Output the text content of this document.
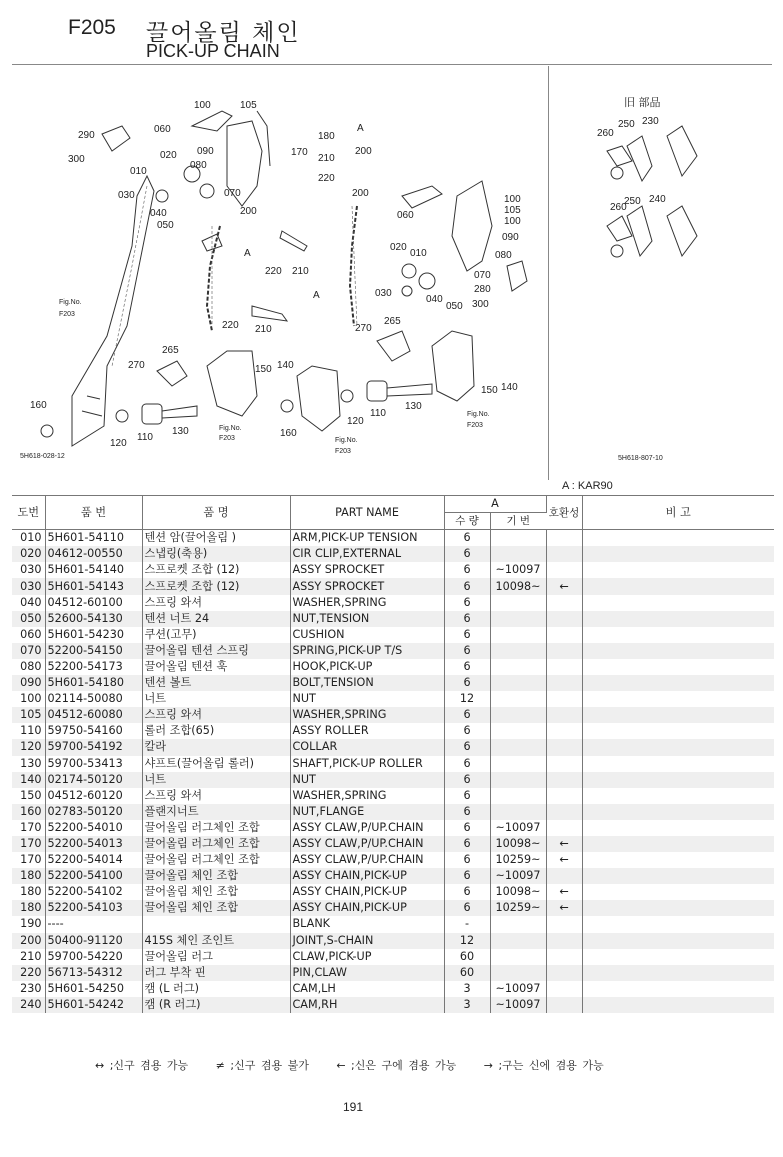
F205 끌어올림 체인
PICK-UP CHAIN
100	105
290
300
060
020 090
080
010
030
040
050
070
200
200
A
220 210
220 210
A
180
170
210
220
A
200
060
100
105
100
090
080
020
010
070
280
300
030
040
050
270
265
265
270	150 140
160
120
110
130	160
120
110
130
150 140
250 230
260
250 240
260
Fig.No.
F203
Fig.No.
F203	Fig.No.
F203
Fig.No.
F203
5H618-028-12	5H618-807-10
旧 部品
A : KAR90
도번	품 번	품 명	PART NAME	A		호환성	비 고
				수 량	기 번		
010	5H601-54110	텐션 암(끌어올림 )	ARM,PICK-UP TENSION	6			
020	04612-00550	스냅링(축용)	CIR CLIP,EXTERNAL	6			
030	5H601-54140	스프로켓 조합 (12)	ASSY SPROCKET	6	~10097		
030	5H601-54143	스프로켓 조합 (12)	ASSY SPROCKET	6	10098~	←	
040	04512-60100	스프링 와셔	WASHER,SPRING	6			
050	52600-54130	텐션 너트 24	NUT,TENSION	6			
060	5H601-54230	쿠션(고무)	CUSHION	6			
070	52200-54150	끌어올림 텐션 스프링	SPRING,PICK-UP T/S	6			
080	52200-54173	끌어올림 텐션 훅	HOOK,PICK-UP	6			
090	5H601-54180	텐션 볼트	BOLT,TENSION	6			
100	02114-50080	너트	NUT	12			
105	04512-60080	스프링 와셔	WASHER,SPRING	6			
110	59750-54160	롤러 조합(65)	ASSY ROLLER	6			
120	59700-54192	칼라	COLLAR	6			
130	59700-53413	샤프트(끌어올림 롤러)	SHAFT,PICK-UP ROLLER	6			
140	02174-50120	너트	NUT	6			
150	04512-60120	스프링 와셔	WASHER,SPRING	6			
160	02783-50120	플랜지너트	NUT,FLANGE	6			
170	52200-54010	끌어올림 러그체인 조합	ASSY CLAW,P/UP.CHAIN	6	~10097		
170	52200-54013	끌어올림 러그체인 조합	ASSY CLAW,P/UP.CHAIN	6	10098~	←	
170	52200-54014	끌어올림 러그체인 조합	ASSY CLAW,P/UP.CHAIN	6	10259~	←	
180	52200-54100	끌어올림 체인 조합	ASSY CHAIN,PICK-UP	6	~10097		
180	52200-54102	끌어올림 체인 조합	ASSY CHAIN,PICK-UP	6	10098~	←	
180	52200-54103	끌어올림 체인 조합	ASSY CHAIN,PICK-UP	6	10259~	←	
190	----		BLANK	-			
200	50400-91120	415S 체인 조인트	JOINT,S-CHAIN	12			
210	59700-54220	끌어올림 러그	CLAW,PICK-UP	60			
220	56713-54312	러그 부착 핀	PIN,CLAW	60			
230	5H601-54250	캠 (L 러그)	CAM,LH	3	~10097		
240	5H601-54242	캠 (R 러그)	CAM,RH	3	~10097		
↔ ;신구 겸용 가능	≠ ;신구 겸용 불가	← ;신은 구에 겸용 가능	→ ;구는 신에 겸용 가능
191
